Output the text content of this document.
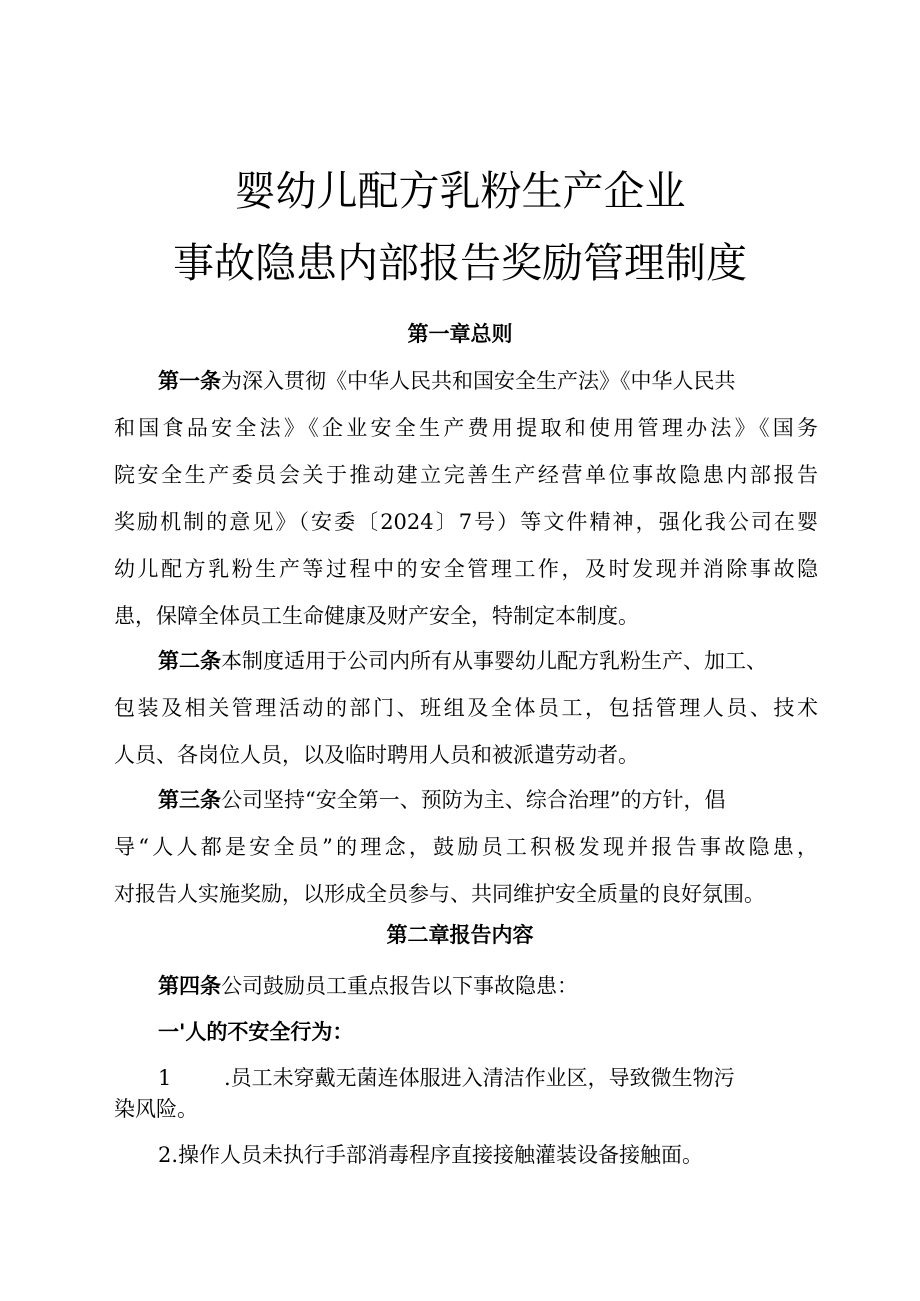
婴幼儿配方乳粉生产企业
事故隐患内部报告奖励管理制度
第一章总则
第一条为深入贯彻《中华人民共和国安全生产法》《中华人民共
和国食品安全法》《企业安全生产费用提取和使用管理办法》《国务
院安全生产委员会关于推动建立完善生产经营单位事故隐患内部报告
奖励机制的意见》（安委〔2024〕7号）等文件精神，强化我公司在婴
幼儿配方乳粉生产等过程中的安全管理工作，及时发现并消除事故隐
患，保障全体员工生命健康及财产安全，特制定本制度。
第二条本制度适用于公司内所有从事婴幼儿配方乳粉生产、加工、
包装及相关管理活动的部门、班组及全体员工，包括管理人员、技术
人员、各岗位人员，以及临时聘用人员和被派遣劳动者。
第三条公司坚持“安全第一、预防为主、综合治理”的方针，倡
导“人人都是安全员”的理念，鼓励员工积极发现并报告事故隐患，
对报告人实施奖励，以形成全员参与、共同维护安全质量的良好氛围。
第二章报告内容
第四条公司鼓励员工重点报告以下事故隐患：
一'人的不安全行为：
1	.员工未穿戴无菌连体服进入清洁作业区，导致微生物污
染风险。
2.操作人员未执行手部消毒程序直接接触灌装设备接触面。
